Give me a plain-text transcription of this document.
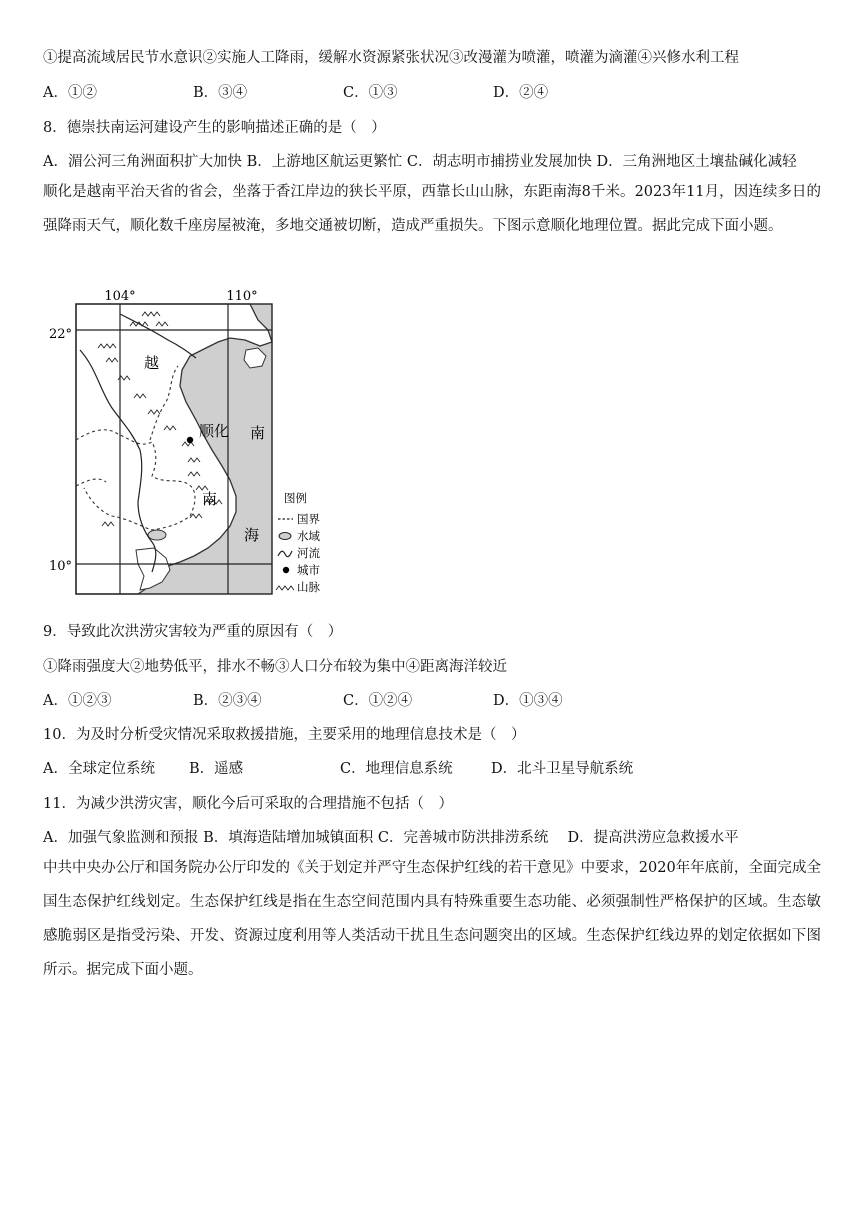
①提高流域居民节水意识②实施人工降雨，缓解水资源紧张状况③改漫灌为喷灌，喷灌为滴灌④兴修水利工程
A．①②	B．③④	C．①③	D．②④
8．德崇扶南运河建设产生的影响描述正确的是（　）
A．湄公河三角洲面积扩大加快 B．上游地区航运更繁忙 C．胡志明市捕捞业发展加快 D．三角洲地区土壤盐碱化减轻
顺化是越南平治天省的省会，坐落于香江岸边的狭长平原，西靠长山山脉，东距南海8千米。2023年11月，因连续多日的强降雨天气，顺化数千座房屋被淹，多地交通被切断，造成严重损失。下图示意顺化地理位置。据此完成下面小题。
104°	110°
22°
10°
越
顺化
南
南
海
图例
国界
水域
河流
城市
山脉
9．导致此次洪涝灾害较为严重的原因有（　）
①降雨强度大②地势低平，排水不畅③人口分布较为集中④距离海洋较近
A．①②③	B．②③④	C．①②④	D．①③④
10．为及时分析受灾情况采取救援措施，主要采用的地理信息技术是（　）
A．全球定位系统 B．遥感	C．地理信息系统	D．北斗卫星导航系统
11．为减少洪涝灾害，顺化今后可采取的合理措施不包括（　）
A．加强气象监测和预报 B．填海造陆增加城镇面积 C．完善城市防洪排涝系统　 D．提高洪涝应急救援水平
中共中央办公厅和国务院办公厅印发的《关于划定并严守生态保护红线的若干意见》中要求，2020年年底前，全面完成全国生态保护红线划定。生态保护红线是指在生态空间范围内具有特殊重要生态功能、必须强制性严格保护的区域。生态敏感脆弱区是指受污染、开发、资源过度利用等人类活动干扰且生态问题突出的区域。生态保护红线边界的划定依据如下图所示。据完成下面小题。
